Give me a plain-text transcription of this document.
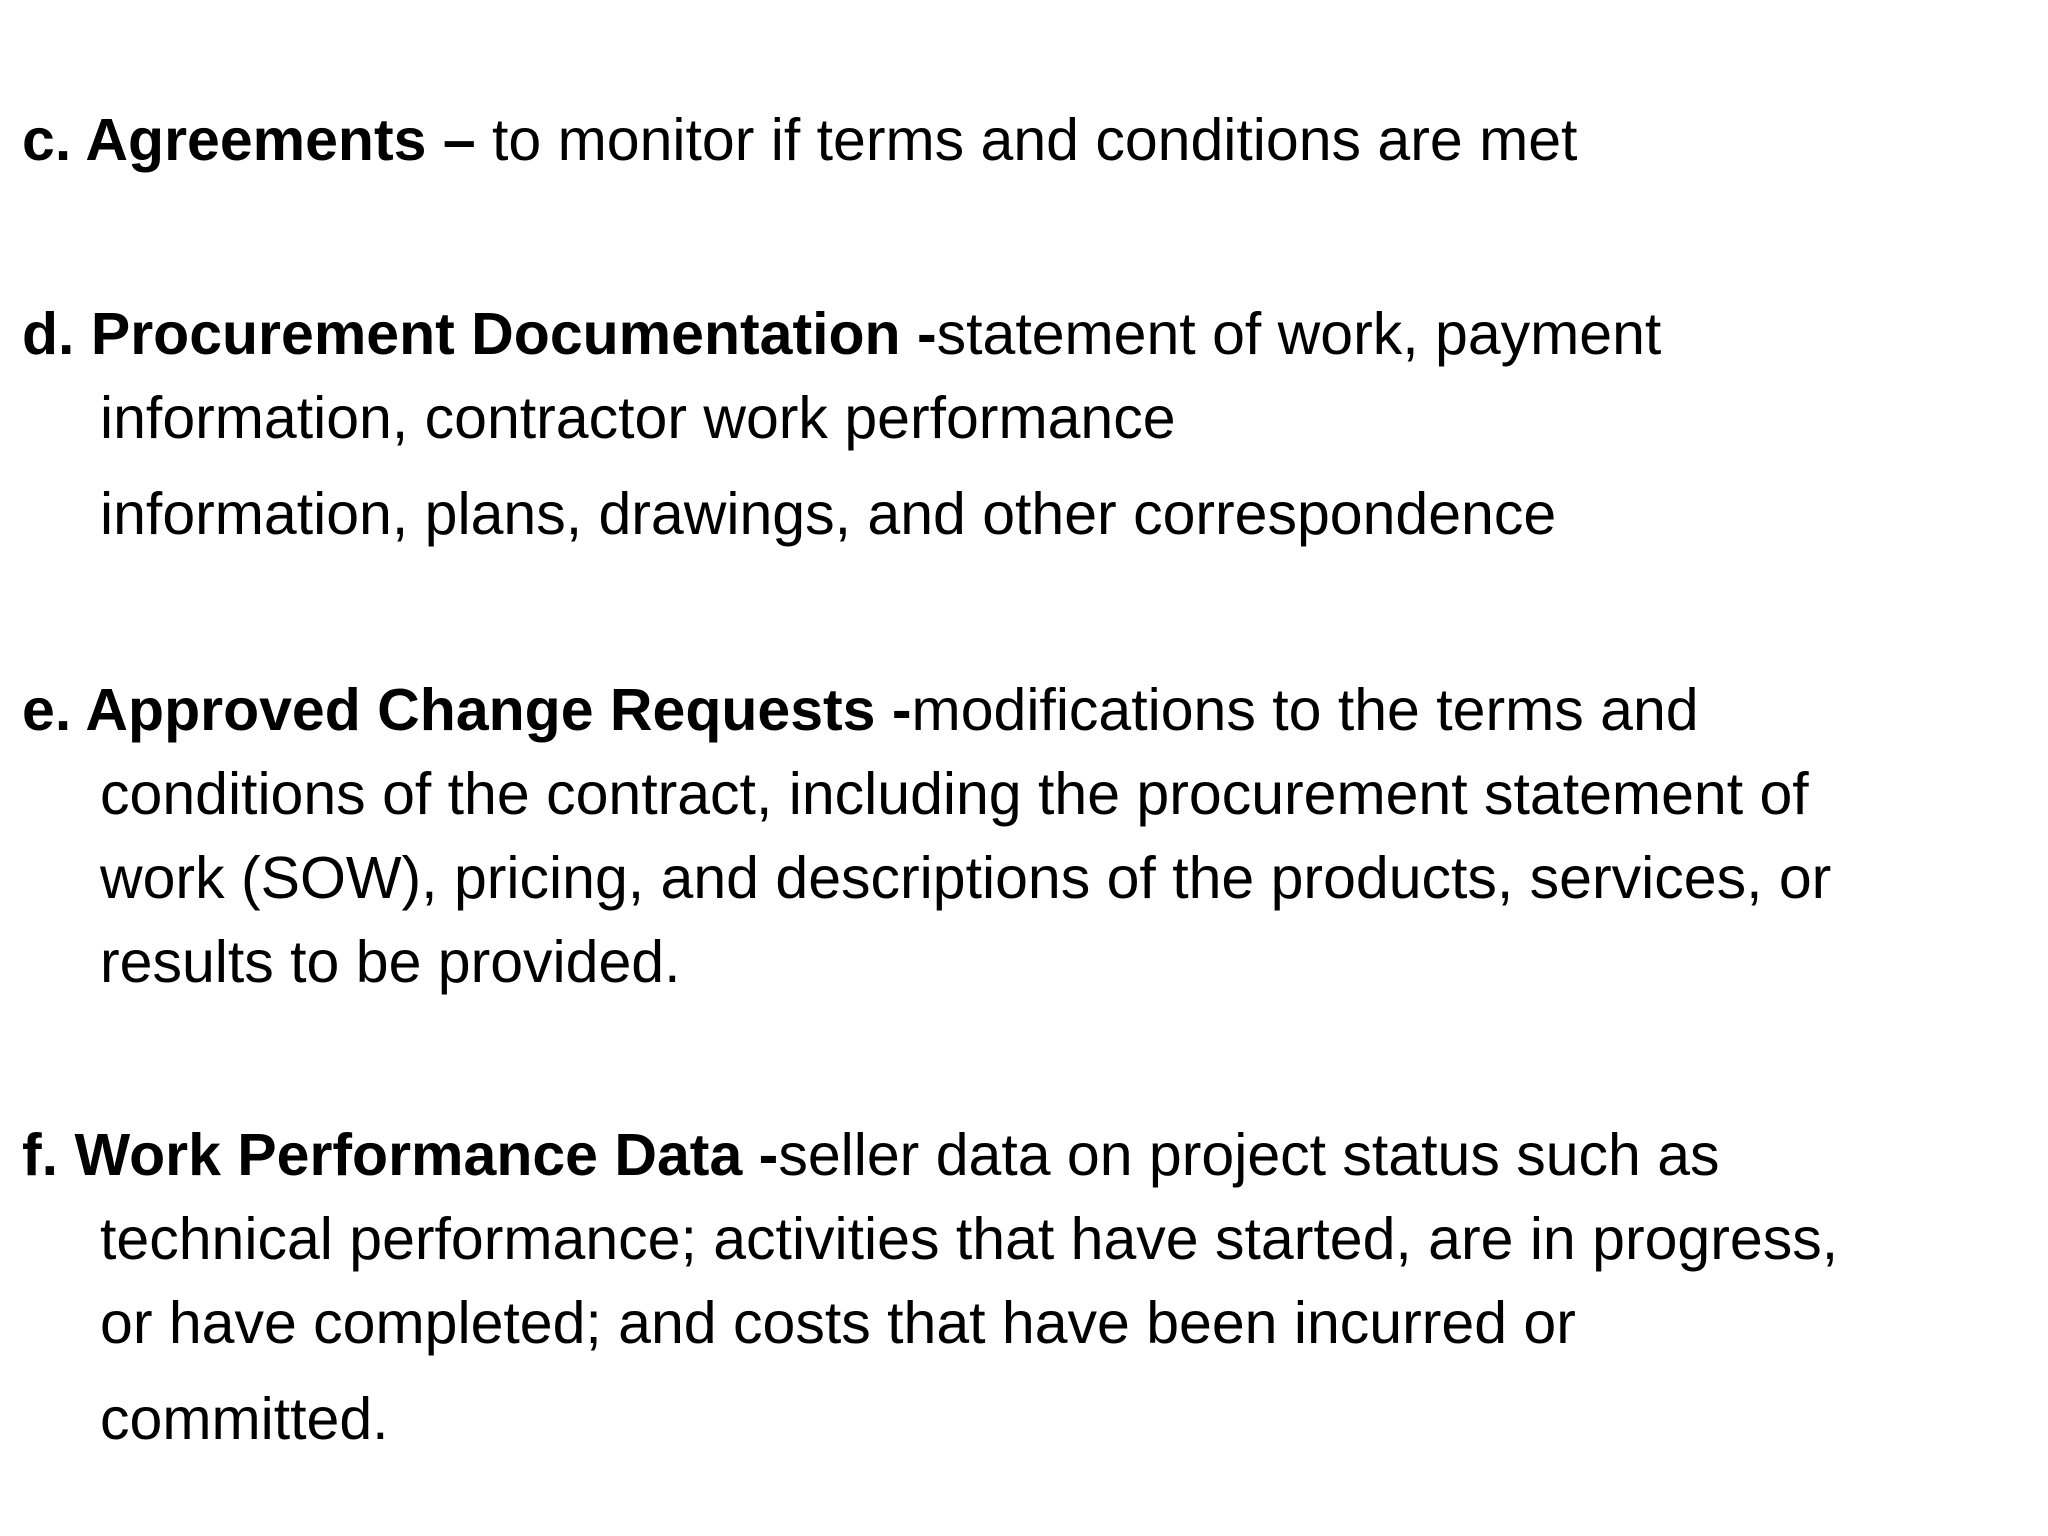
c. Agreements – to monitor if terms and conditions are met
d. Procurement Documentation -statement of work, payment
information, contractor work performance
information, plans, drawings, and other correspondence
e. Approved Change Requests -modifications to the terms and
conditions of the contract, including the procurement statement of
work (SOW), pricing, and descriptions of the products, services, or
results to be provided.
f. Work Performance Data -seller data on project status such as
technical performance; activities that have started, are in progress,
or have completed; and costs that have been incurred or
committed.
